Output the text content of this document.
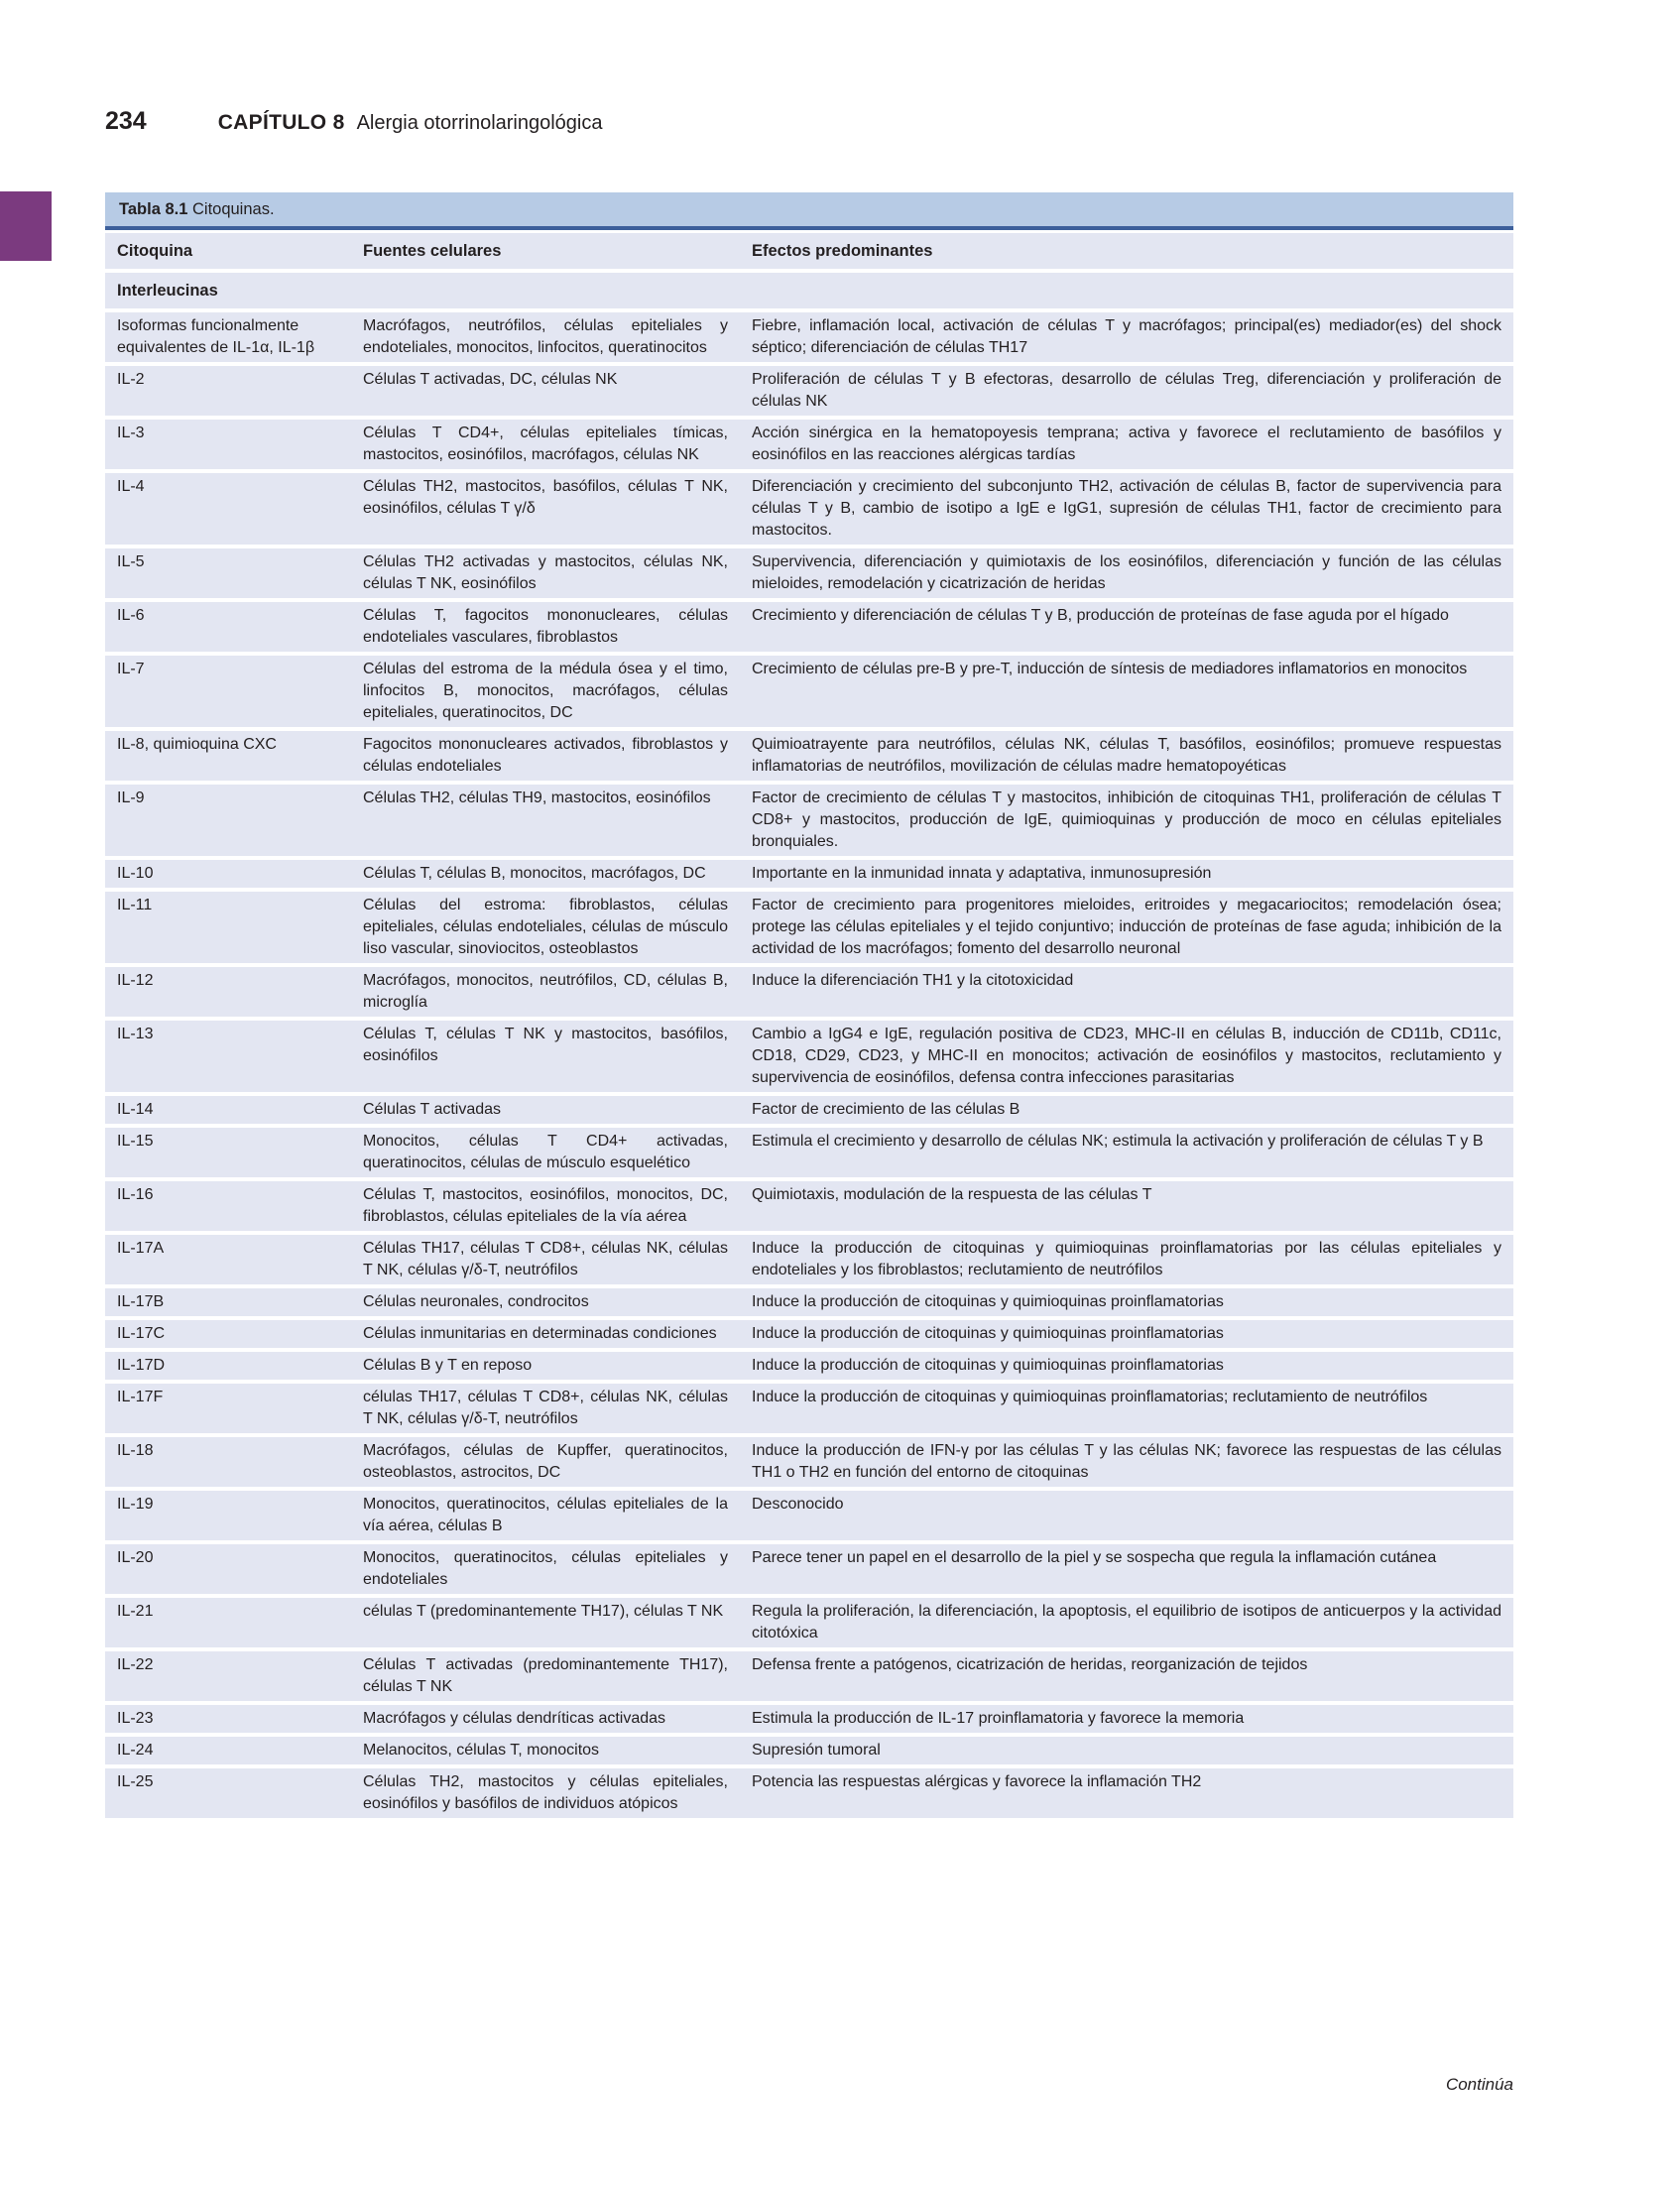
234	CAPÍTULO 8 Alergia otorrinolaringológica
Tabla 8.1 Citoquinas.
Citoquina	Fuentes celulares	Efectos predominantes
Interleucinas		
Isoformas funcionalmente equivalentes de IL-1α, IL-1β	Macrófagos, neutrófilos, células epiteliales y endoteliales, monocitos, linfocitos, queratinocitos	Fiebre, inflamación local, activación de células T y macrófagos; principal(es) mediador(es) del shock séptico; diferenciación de células TH17
IL-2	Células T activadas, DC, células NK	Proliferación de células T y B efectoras, desarrollo de células Treg, diferenciación y proliferación de células NK
IL-3	Células T CD4+, células epiteliales tímicas, mastocitos, eosinófilos, macrófagos, células NK	Acción sinérgica en la hematopoyesis temprana; activa y favorece el reclutamiento de basófilos y eosinófilos en las reacciones alérgicas tardías
IL-4	Células TH2, mastocitos, basófilos, células T NK, eosinófilos, células T γ/δ	Diferenciación y crecimiento del subconjunto TH2, activación de células B, factor de supervivencia para células T y B, cambio de isotipo a IgE e IgG1, supresión de células TH1, factor de crecimiento para mastocitos.
IL-5	Células TH2 activadas y mastocitos, células NK, células T NK, eosinófilos	Supervivencia, diferenciación y quimiotaxis de los eosinófilos, diferenciación y función de las células mieloides, remodelación y cicatrización de heridas
IL-6	Células T, fagocitos mononucleares, células endoteliales vasculares, fibroblastos	Crecimiento y diferenciación de células T y B, producción de proteínas de fase aguda por el hígado
IL-7	Células del estroma de la médula ósea y el timo, linfocitos B, monocitos, macrófagos, células epiteliales, queratinocitos, DC	Crecimiento de células pre-B y pre-T, inducción de síntesis de mediadores inflamatorios en monocitos
IL-8, quimioquina CXC	Fagocitos mononucleares activados, fibroblastos y células endoteliales	Quimioatrayente para neutrófilos, células NK, células T, basófilos, eosinófilos; promueve respuestas inflamatorias de neutrófilos, movilización de células madre hematopoyéticas
IL-9	Células TH2, células TH9, mastocitos, eosinófilos	Factor de crecimiento de células T y mastocitos, inhibición de citoquinas TH1, proliferación de células T CD8+ y mastocitos, producción de IgE, quimioquinas y producción de moco en células epiteliales bronquiales.
IL-10	Células T, células B, monocitos, macrófagos, DC	Importante en la inmunidad innata y adaptativa, inmunosupresión
IL-11	Células del estroma: fibroblastos, células epiteliales, células endoteliales, células de músculo liso vascular, sinoviocitos, osteoblastos	Factor de crecimiento para progenitores mieloides, eritroides y megacariocitos; remodelación ósea; protege las células epiteliales y el tejido conjuntivo; inducción de proteínas de fase aguda; inhibición de la actividad de los macrófagos; fomento del desarrollo neuronal
IL-12	Macrófagos, monocitos, neutrófilos, CD, células B, microglía	Induce la diferenciación TH1 y la citotoxicidad
IL-13	Células T, células T NK y mastocitos, basófilos, eosinófilos	Cambio a IgG4 e IgE, regulación positiva de CD23, MHC-II en células B, inducción de CD11b, CD11c, CD18, CD29, CD23, y MHC-II en monocitos; activación de eosinófilos y mastocitos, reclutamiento y supervivencia de eosinófilos, defensa contra infecciones parasitarias
IL-14	Células T activadas	Factor de crecimiento de las células B
IL-15	Monocitos, células T CD4+ activadas, queratinocitos, células de músculo esquelético	Estimula el crecimiento y desarrollo de células NK; estimula la activación y proliferación de células T y B
IL-16	Células T, mastocitos, eosinófilos, monocitos, DC, fibroblastos, células epiteliales de la vía aérea	Quimiotaxis, modulación de la respuesta de las células T
IL-17A	Células TH17, células T CD8+, células NK, células T NK, células γ/δ-T, neutrófilos	Induce la producción de citoquinas y quimioquinas proinflamatorias por las células epiteliales y endoteliales y los fibroblastos; reclutamiento de neutrófilos
IL-17B	Células neuronales, condrocitos	Induce la producción de citoquinas y quimioquinas proinflamatorias
IL-17C	Células inmunitarias en determinadas condiciones	Induce la producción de citoquinas y quimioquinas proinflamatorias
IL-17D	Células B y T en reposo	Induce la producción de citoquinas y quimioquinas proinflamatorias
IL-17F	células TH17, células T CD8+, células NK, células T NK, células γ/δ-T, neutrófilos	Induce la producción de citoquinas y quimioquinas proinflamatorias; reclutamiento de neutrófilos
IL-18	Macrófagos, células de Kupffer, queratinocitos, osteoblastos, astrocitos, DC	Induce la producción de IFN-γ por las células T y las células NK; favorece las respuestas de las células TH1 o TH2 en función del entorno de citoquinas
IL-19	Monocitos, queratinocitos, células epiteliales de la vía aérea, células B	Desconocido
IL-20	Monocitos, queratinocitos, células epiteliales y endoteliales	Parece tener un papel en el desarrollo de la piel y se sospecha que regula la inflamación cutánea
IL-21	células T (predominantemente TH17), células T NK	Regula la proliferación, la diferenciación, la apoptosis, el equilibrio de isotipos de anticuerpos y la actividad citotóxica
IL-22	Células T activadas (predominantemente TH17), células T NK	Defensa frente a patógenos, cicatrización de heridas, reorganización de tejidos
IL-23	Macrófagos y células dendríticas activadas	Estimula la producción de IL-17 proinflamatoria y favorece la memoria
IL-24	Melanocitos, células T, monocitos	Supresión tumoral
IL-25	Células TH2, mastocitos y células epiteliales, eosinófilos y basófilos de individuos atópicos	Potencia las respuestas alérgicas y favorece la inflamación TH2
Continúa
